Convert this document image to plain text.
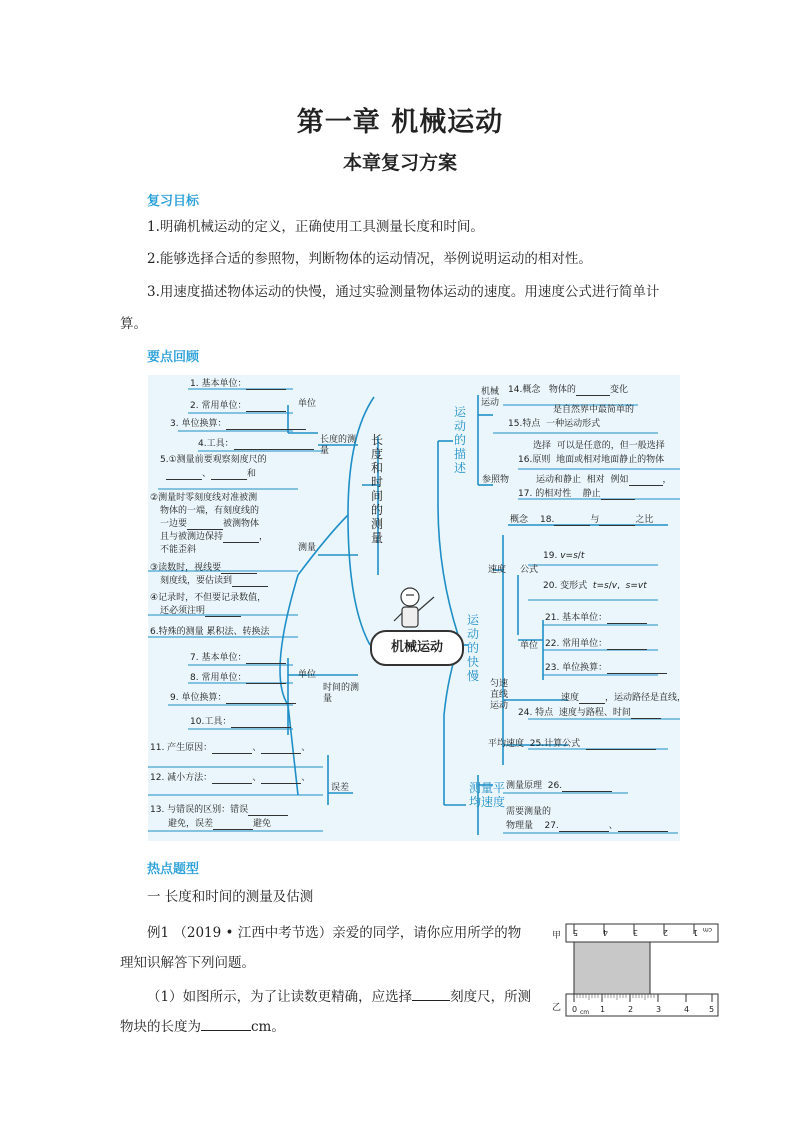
第一章 机械运动
本章复习方案
复习目标
1.明确机械运动的定义，正确使用工具测量长度和时间。
2.能够选择合适的参照物，判断物体的运动情况，举例说明运动的相对性。
3.用速度描述物体运动的快慢，通过实验测量物体运动的速度。用速度公式进行简单计
算。
要点回顾
机械运动
长度和时间的测量
运动的描述
运动的快慢
测量平均速度
长度的测量
单位
测量
时间的测量
单位
误差
1. 基本单位：
2. 常用单位：
3. 单位换算：
4.工具：
5.①测量前要观察刻度尺的
、	和
②测量时零刻度线对准被测
物体的一端，有刻度线的
一边要	被测物体
且与被测边保持	，
不能歪斜
③读数时，视线要
刻度线，要估读到
④记录时，不但要记录数值，
还必须注明
6.特殊的测量 累积法、转换法
7. 基本单位：
8. 常用单位：
9. 单位换算：
10.工具：
11. 产生原因：	、	、
12. 减小方法：	、	、
13. 与错误的区别：错误
避免，误差	避免
机械运动
14.概念 物体的	变化
是自然界中最简单的
15.特点 一种运动形式
参照物
选择 可以是任意的，但一般选择
16.原则 地面或相对地面静止的物体
运动和静止 相对 例如	，
17. 的相对性 静止
速度
概念 18.	与	之比
公式
19. v=s/t
20. 变形式 t=s/v,  s=vt
单位
21. 基本单位：
22. 常用单位：
23. 单位换算：
匀速直线运动
速度	，运动路径是直线，
24. 特点 速度与路程、时间
平均速度 25.计算公式
测量原理 26.
需要测量的
物理量 27.	、
热点题型
一 长度和时间的测量及估测
例1 （2019 • 江西中考节选）亲爱的同学，请你应用所学的物
理知识解答下列问题。
（1）如图所示，为了让读数更精确，应选择	刻度尺，所测
物块的长度为	cm。
甲
乙
5	4	3	2	1 cm
0	1	2	3	4 5
cm
